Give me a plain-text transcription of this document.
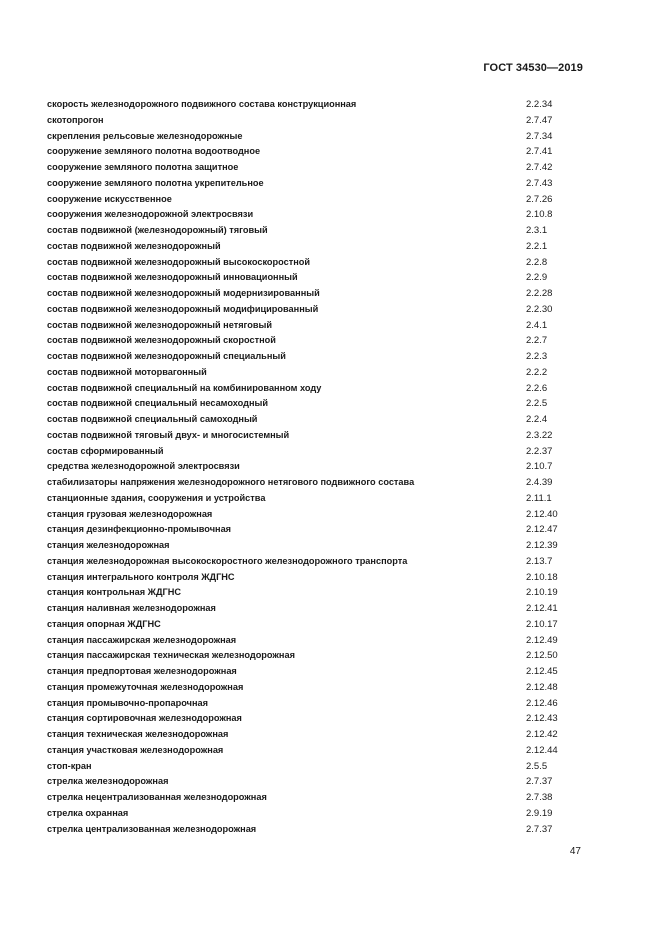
ГОСТ 34530—2019
скорость железнодорожного подвижного состава конструкционная	2.2.34
скотопрогон	2.7.47
скрепления рельсовые железнодорожные	2.7.34
сооружение земляного полотна водоотводное	2.7.41
сооружение земляного полотна защитное	2.7.42
сооружение земляного полотна укрепительное	2.7.43
сооружение искусственное	2.7.26
сооружения железнодорожной электросвязи	2.10.8
состав подвижной (железнодорожный) тяговый	2.3.1
состав подвижной железнодорожный	2.2.1
состав подвижной железнодорожный высокоскоростной	2.2.8
состав подвижной железнодорожный инновационный	2.2.9
состав подвижной железнодорожный модернизированный	2.2.28
состав подвижной железнодорожный модифицированный	2.2.30
состав подвижной железнодорожный нетяговый	2.4.1
состав подвижной железнодорожный скоростной	2.2.7
состав подвижной железнодорожный специальный	2.2.3
состав подвижной моторвагонный	2.2.2
состав подвижной специальный на комбинированном ходу	2.2.6
состав подвижной специальный несамоходный	2.2.5
состав подвижной специальный самоходный	2.2.4
состав подвижной тяговый двух- и многосистемный	2.3.22
состав сформированный	2.2.37
средства железнодорожной электросвязи	2.10.7
стабилизаторы напряжения железнодорожного нетягового подвижного состава	2.4.39
станционные здания, сооружения и устройства	2.11.1
станция грузовая железнодорожная	2.12.40
станция дезинфекционно-промывочная	2.12.47
станция железнодорожная	2.12.39
станция железнодорожная высокоскоростного железнодорожного транспорта	2.13.7
станция интегрального контроля ЖДГНС	2.10.18
станция контрольная ЖДГНС	2.10.19
станция наливная железнодорожная	2.12.41
станция опорная ЖДГНС	2.10.17
станция пассажирская железнодорожная	2.12.49
станция пассажирская техническая железнодорожная	2.12.50
станция предпортовая железнодорожная	2.12.45
станция промежуточная железнодорожная	2.12.48
станция промывочно-пропарочная	2.12.46
станция сортировочная железнодорожная	2.12.43
станция техническая железнодорожная	2.12.42
станция участковая железнодорожная	2.12.44
стоп-кран	2.5.5
стрелка железнодорожная	2.7.37
стрелка нецентрализованная железнодорожная	2.7.38
стрелка охранная	2.9.19
стрелка централизованная железнодорожная	2.7.37
47
